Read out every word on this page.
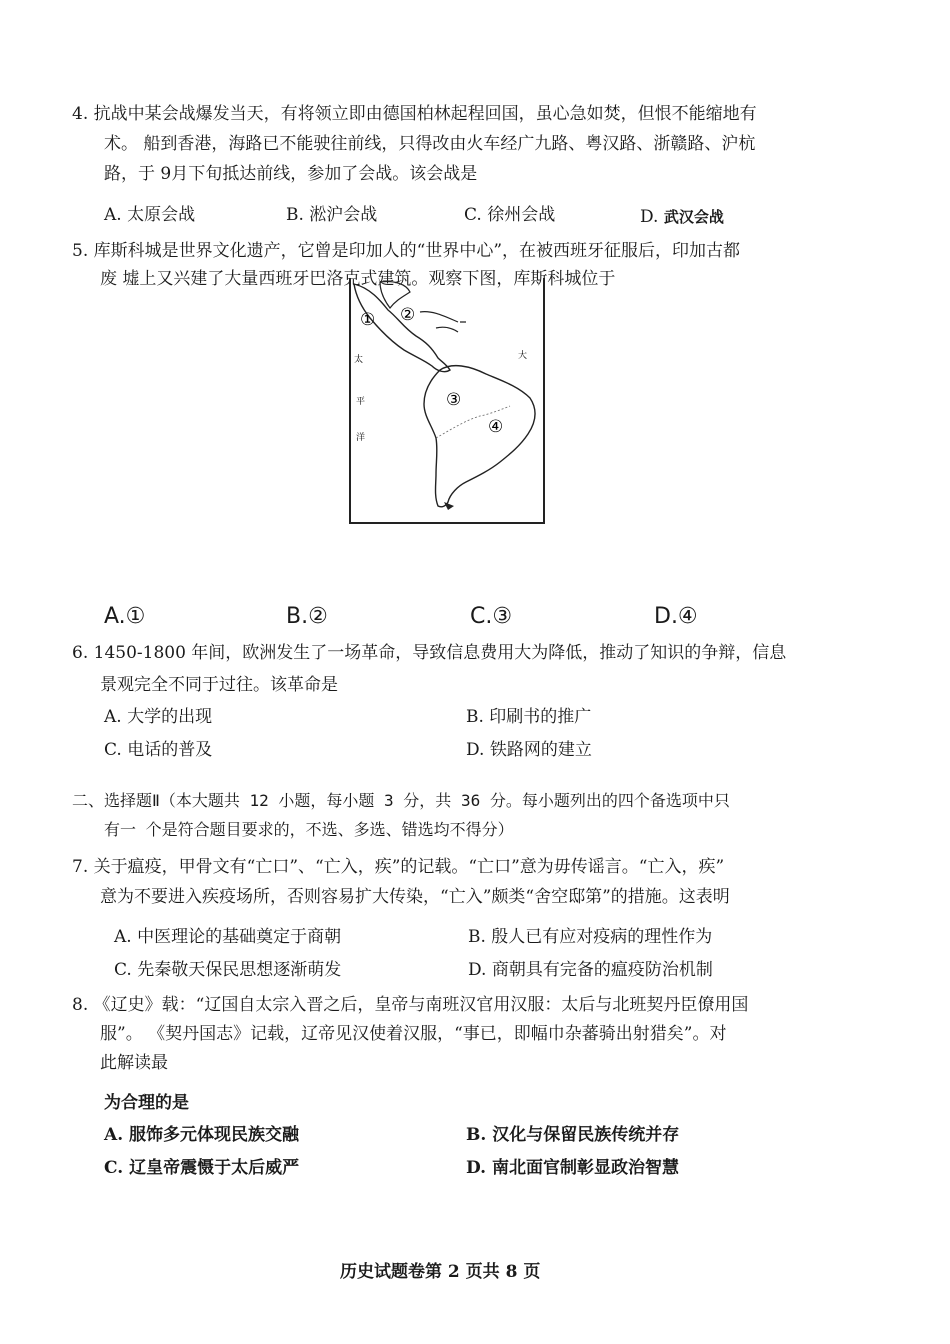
4. 抗战中某会战爆发当天，有将领立即由德国柏林起程回国，虽心急如焚，但恨不能缩地有
术。 船到香港，海路已不能驶往前线，只得改由火车经广九路、粤汉路、浙赣路、沪杭
路，于 9月下旬抵达前线，参加了会战。该会战是
A. 太原会战	B. 淞沪会战	C. 徐州会战	D. 武汉会战
5. 库斯科城是世界文化遗产，它曾是印加人的“世界中心”，在被西班牙征服后，印加古都
废 墟上又兴建了大量西班牙巴洛克式建筑。观察下图，库斯科城位于
太
平
洋
大
① ②
③
④
A.①	B.②	C.③	D.④
6. 1450-1800 年间，欧洲发生了一场革命，导致信息费用大为降低，推动了知识的争辩，信息
景观完全不同于过往。该革命是
A. 大学的出现	B. 印刷书的推广
C. 电话的普及	D. 铁路网的建立
二、选择题Ⅱ（本大题共 12 小题，每小题 3 分，共 36 分。每小题列出的四个备选项中只
有一 个是符合题目要求的，不选、多选、错选均不得分）
7. 关于瘟疫，甲骨文有“亡口”、“亡入，疾”的记载。“亡口”意为毋传谣言。“亡入，疾”
意为不要进入疾疫场所，否则容易扩大传染，“亡入”颇类“舍空邸第”的措施。这表明
A. 中医理论的基础奠定于商朝	B. 殷人已有应对疫病的理性作为
C. 先秦敬天保民思想逐渐萌发	D. 商朝具有完备的瘟疫防治机制
8. 《辽史》载：“辽国自太宗入晋之后，皇帝与南班汉官用汉服：太后与北班契丹臣僚用国
服”。 《契丹国志》记载，辽帝见汉使着汉服，“事已，即幅巾杂蕃骑出射猎矣”。对
此解读最
为合理的是
A. 服饰多元体现民族交融	B. 汉化与保留民族传统并存
C. 辽皇帝震慑于太后威严	D. 南北面官制彰显政治智慧
历史试题卷第 2 页共 8 页
